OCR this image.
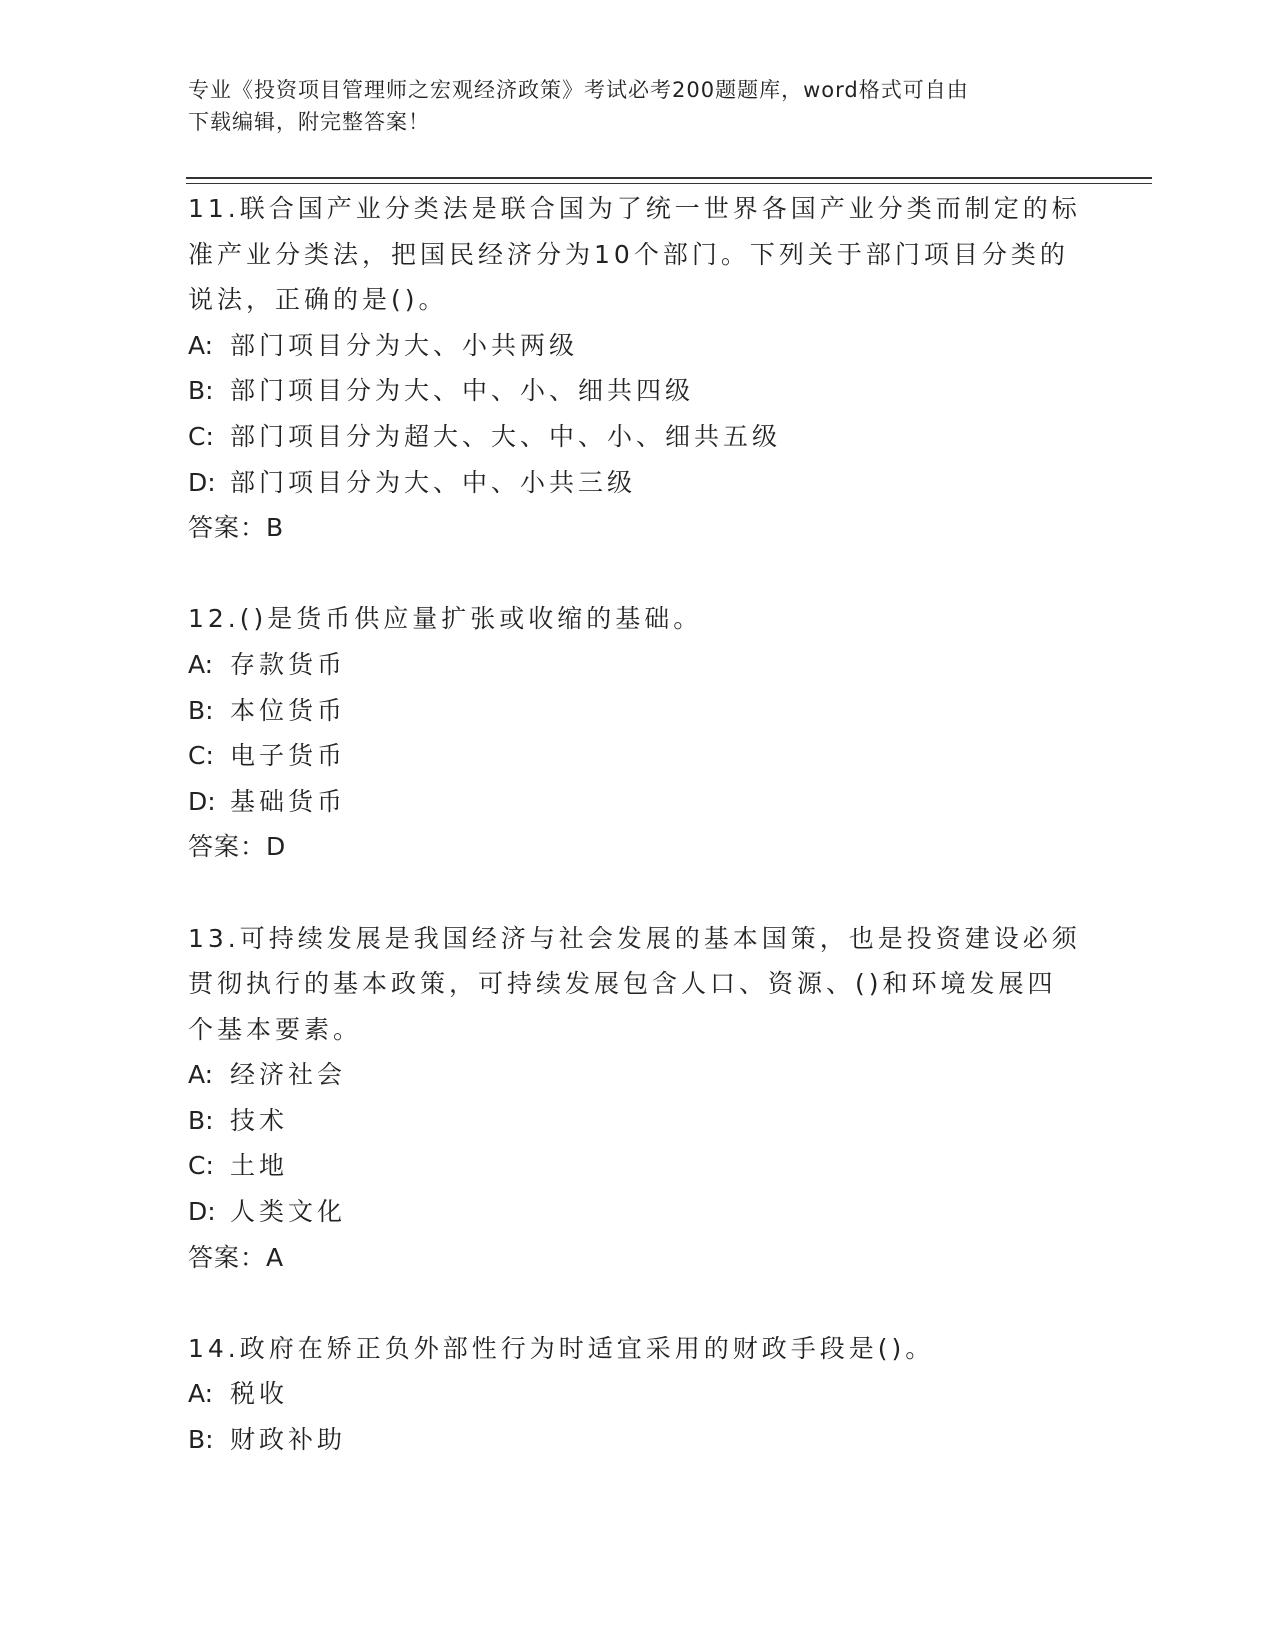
专业《投资项目管理师之宏观经济政策》考试必考200题题库，word格式可自由
下载编辑，附完整答案！
11.联合国产业分类法是联合国为了统一世界各国产业分类而制定的标
准产业分类法，把国民经济分为10个部门。下列关于部门项目分类的
说法，正确的是()。
A: 部门项目分为大、小共两级
B: 部门项目分为大、中、小、细共四级
C: 部门项目分为超大、大、中、小、细共五级
D: 部门项目分为大、中、小共三级
答案：B
12.()是货币供应量扩张或收缩的基础。
A: 存款货币
B: 本位货币
C: 电子货币
D: 基础货币
答案：D
13.可持续发展是我国经济与社会发展的基本国策，也是投资建设必须
贯彻执行的基本政策，可持续发展包含人口、资源、()和环境发展四
个基本要素。
A: 经济社会
B: 技术
C: 土地
D: 人类文化
答案：A
14.政府在矫正负外部性行为时适宜采用的财政手段是()。
A: 税收
B: 财政补助
